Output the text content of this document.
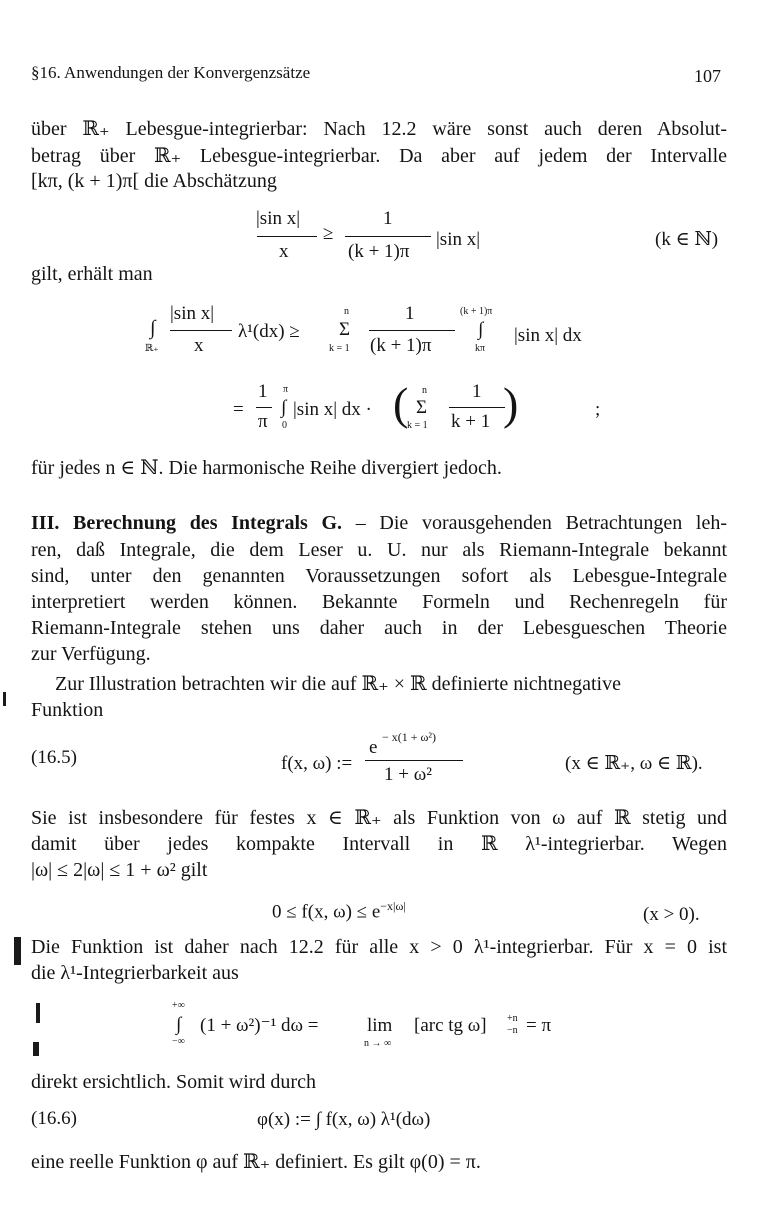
§16. Anwendungen der Konvergenzsätze	107
über ℝ₊ Lebesgue-integrierbar: Nach 12.2 wäre sonst auch deren Absolut-
betrag über ℝ₊ Lebesgue-integrierbar. Da aber auf jedem der Intervalle
[kπ, (k + 1)π[ die Abschätzung
|sin x|
x
≥
1
(k + 1)π
|sin x|	(k ∈ ℕ)
gilt, erhält man
∫
ℝ₊
|sin x|
x
λ¹(dx) ≥
n
Σ
k = 1
1
(k + 1)π
(k + 1)π
∫
kπ
|sin x| dx
=
1
π
π
∫
0
|sin x| dx · ( n
Σ
k = 1
1
k + 1 )	;
für jedes n ∈ ℕ. Die harmonische Reihe divergiert jedoch.
III. Berechnung des Integrals G. – Die vorausgehenden Betrachtungen leh-
ren, daß Integrale, die dem Leser u. U. nur als Riemann-Integrale bekannt
sind, unter den genannten Voraussetzungen sofort als Lebesgue-Integrale
interpretiert werden können. Bekannte Formeln und Rechenregeln für
Riemann-Integrale stehen uns daher auch in der Lebesgueschen Theorie
zur Verfügung.
Zur Illustration betrachten wir die auf ℝ₊ × ℝ definierte nichtnegative
Funktion
(16.5)	f(x, ω) :=
e − x(1 + ω²)
1 + ω²
(x ∈ ℝ₊, ω ∈ ℝ).
Sie ist insbesondere für festes x ∈ ℝ₊ als Funktion von ω auf ℝ stetig und
damit über jedes kompakte Intervall in ℝ λ¹-integrierbar. Wegen
|ω| ≤ 2|ω| ≤ 1 + ω² gilt
0 ≤ f(x, $\omega) \le e^{-x|\omega|}$	(x > 0).
Die Funktion ist daher nach 12.2 für alle x > 0 λ¹-integrierbar. Für x = 0 ist
die λ¹-Integrierbarkeit aus
+∞
∫
−∞
(1 + ω²)⁻¹ dω =	lim
n → ∞
[arc tg ω] +n
−n = π
direkt ersichtlich. Somit wird durch
(16.6)	φ(x) := ∫ f(x, ω) λ¹(dω)
eine reelle Funktion φ auf ℝ₊ definiert. Es gilt φ(0) = π.
